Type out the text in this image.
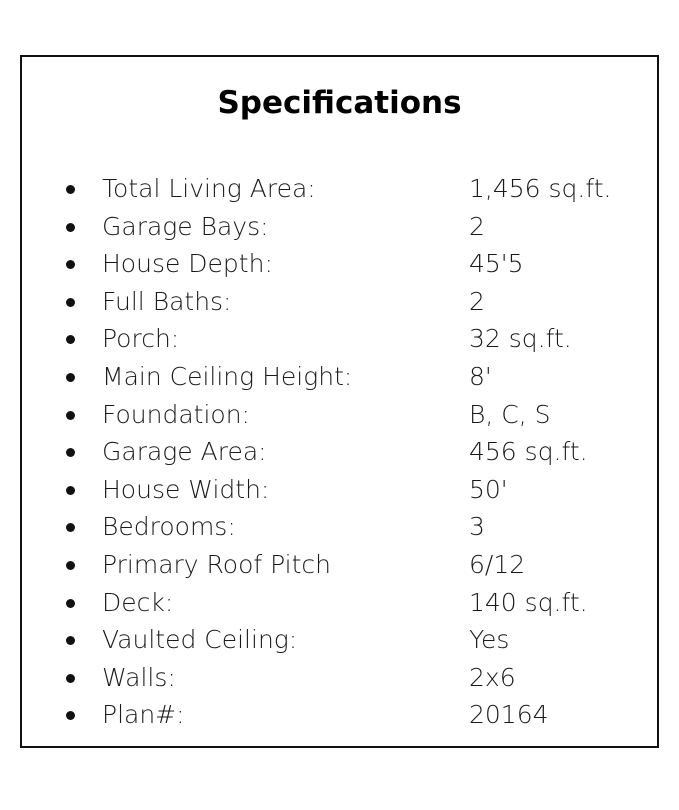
Specifications
Total Living Area:	1,456 sq.ft.
Garage Bays:	2
House Depth:	45'5
Full Baths:	2
Porch:	32 sq.ft.
Main Ceiling Height:	8'
Foundation:	B, C, S
Garage Area:	456 sq.ft.
House Width:	50'
Bedrooms:	3
Primary Roof Pitch	6/12
Deck:	140 sq.ft.
Vaulted Ceiling:	Yes
Walls:	2x6
Plan#:	20164
